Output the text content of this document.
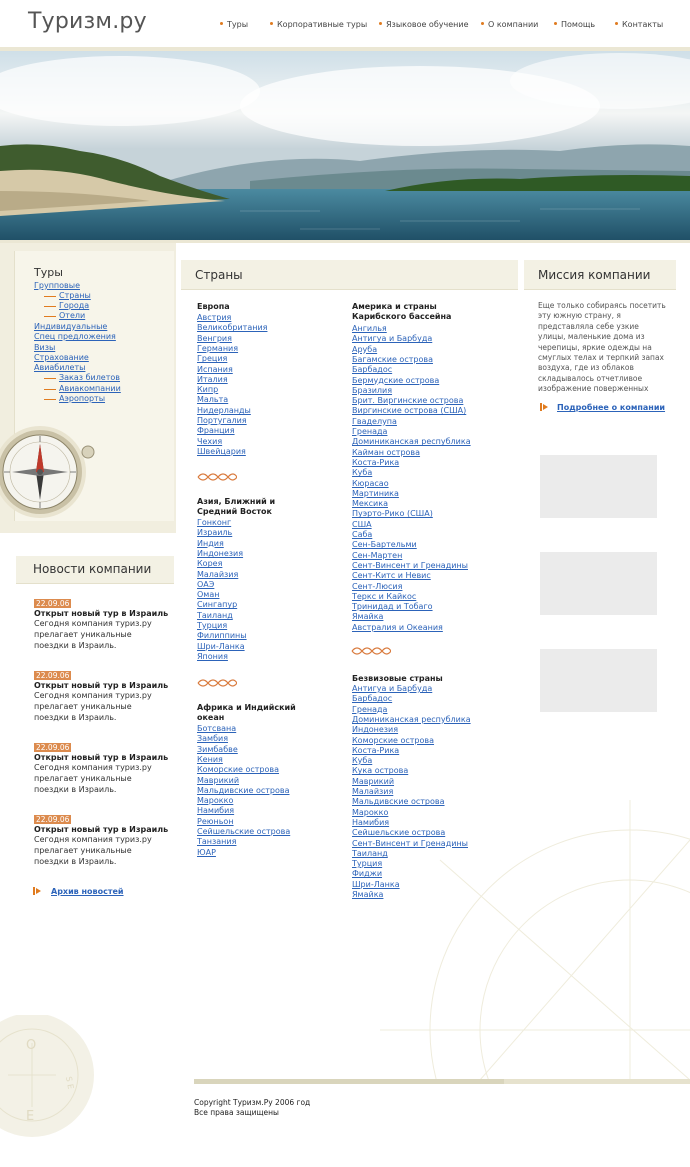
Туризм.ру	Туры	Корпоративные туры	Языковое обучение	О компании	Помощь	Контакты
Туры
Групповые
Страны
Города
Отели
Индивидуальные
Спец предложения
Визы
Страхование
Авиабилеты
Заказ билетов
Авиакомпании
Аэропорты
Новости компании
22.09.06
Открыт новый тур в Израиль
Сегодня компания туриз.ру прелагает уникальные поездки в Израиль.
22.09.06
Открыт новый тур в Израиль
Сегодня компания туриз.ру прелагает уникальные поездки в Израиль.
22.09.06
Открыт новый тур в Израиль
Сегодня компания туриз.ру прелагает уникальные поездки в Израиль.
22.09.06
Открыт новый тур в Израиль
Сегодня компания туриз.ру прелагает уникальные поездки в Израиль.
Архив новостей
O
E
S E
Страны
Европа
Азия, Ближний и Средний Восток
Африка и Индийский океан
Америка и страны Карибского бассейна
Безвизовые страны
Австрия
Великобритания
Венгрия
Германия
Греция
Испания
Италия
Кипр
Мальта
Нидерланды
Португалия
Франция
Чехия
Швейцария
Гонконг
Израиль
Индия
Индонезия
Корея
Малайзия
ОАЭ
Оман
Сингапур
Таиланд
Турция
Филиппины
Шри-Ланка
Япония
Ботсвана
Замбия
Зимбабве
Кения
Коморские острова
Маврикий
Мальдивские острова
Марокко
Намибия
Реюньон
Сейшельские острова
Танзания
ЮАР
Ангилья
Антигуа и Барбуда
Аруба
Багамские острова
Барбадос
Бермудские острова
Бразилия
Брит. Виргинские острова
Виргинские острова (США)
Гваделупа
Гренада
Доминиканская республика
Кайман острова
Коста-Рика
Куба
Кюрасао
Мартиника
Мексика
Пуэрто-Рико (США)
США
Саба
Сен-Бартельми
Сен-Мартен
Сент-Винсент и Гренадины
Сент-Китс и Невис
Сент-Люсия
Теркс и Кайкос
Тринидад и Тобаго
Ямайка
Австралия и Океания
Антигуа и Барбуда
Барбадос
Гренада
Доминиканская республика
Индонезия
Коморские острова
Коста-Рика
Куба
Кука острова
Маврикий
Малайзия
Мальдивские острова
Марокко
Намибия
Сейшельские острова
Сент-Винсент и Гренадины
Таиланд
Турция
Фиджи
Шри-Ланка
Ямайка
Миссия компании
Еще только собираясь посетить эту южную страну, я представляла себе узкие улицы, маленькие дома из черепицы, яркие одежды на смуглых телах и терпкий запах воздуха, где из облаков складывалось отчетливое изображение поверженных
Подробнее о компании
Copyright Туризм.Ру 2006 год
Все права защищены
